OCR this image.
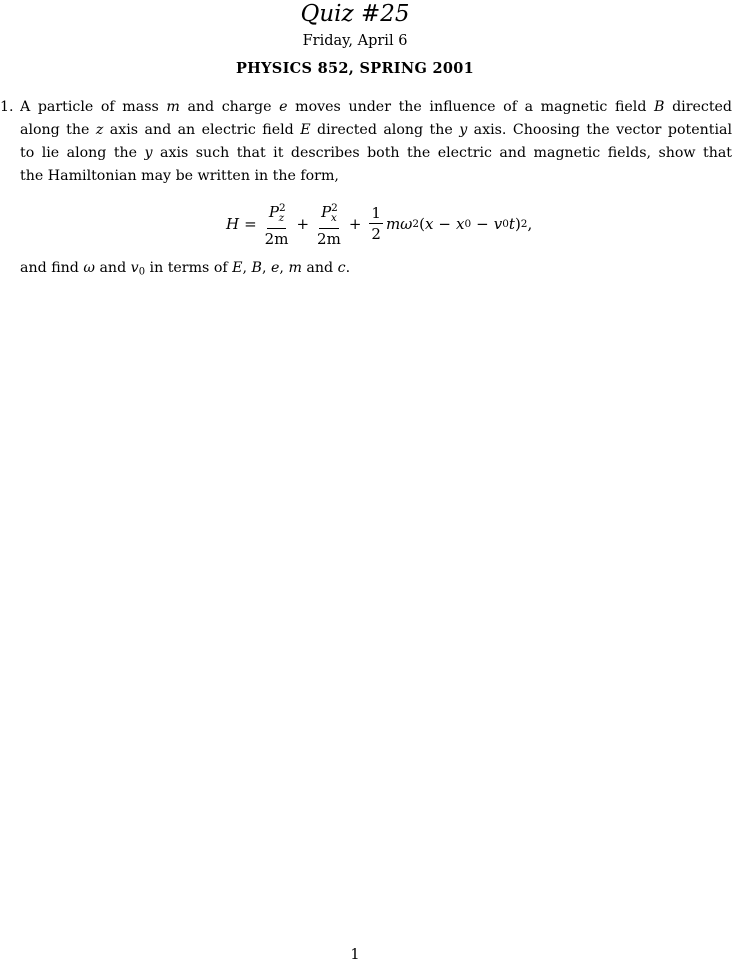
Quiz #25
Friday, April 6
PHYSICS 852, SPRING 2001
1. A particle of mass m and charge e moves under the influence of a magnetic field B directed
along the z axis and an electric field E directed along the y axis. Choosing the vector potential
to lie along the y axis such that it describes both the electric and magnetic fields, show that
the Hamiltonian may be written in the form,
and find ω and $v_0$ in terms of E, B, e, m and c.
$H = \frac{P^2_z}{2m} + \frac{P^2_x}{2m} + \frac{1}{2}$ m ω 2 ( x − x 0 − v 0 t ) 2 ,
1
